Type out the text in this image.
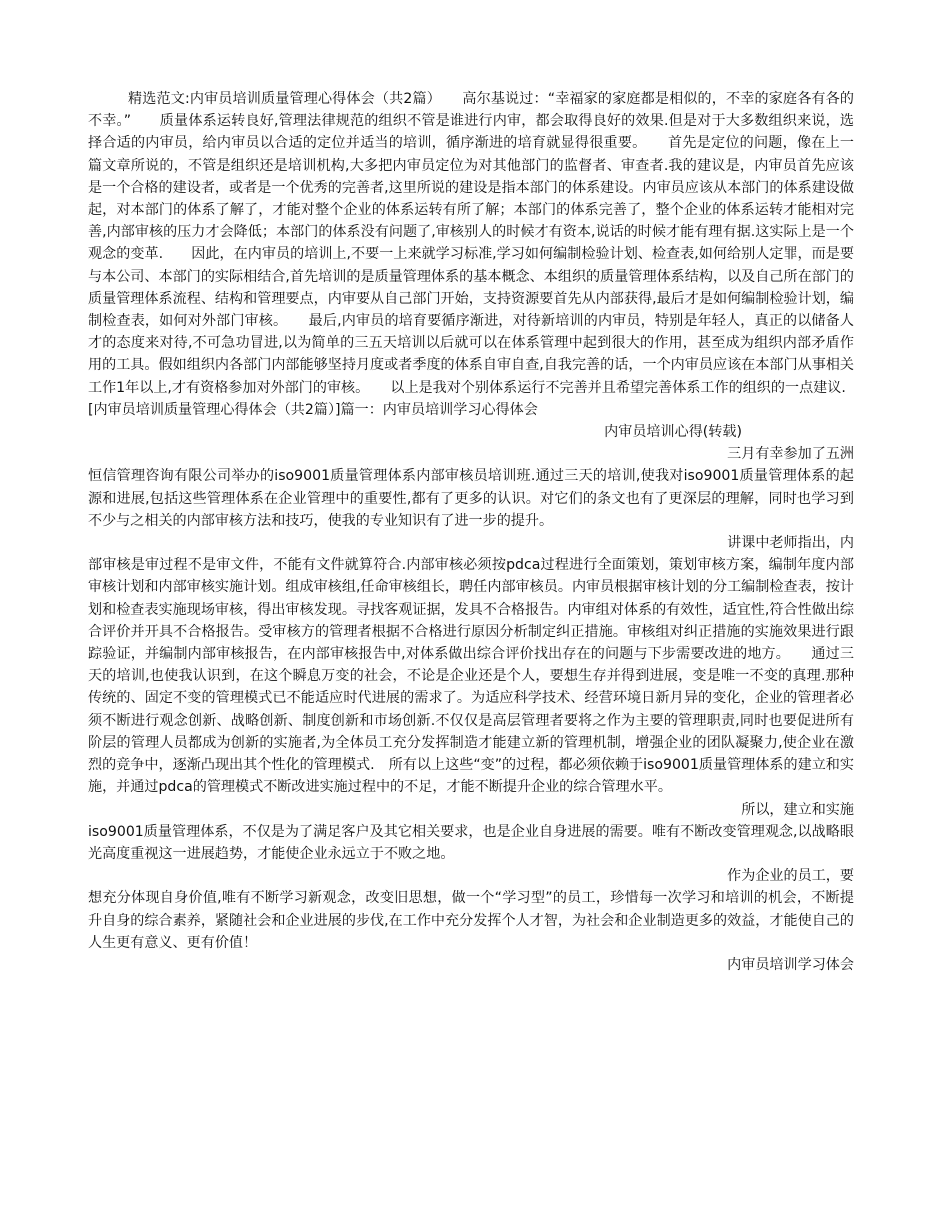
精选范文:内审员培训质量管理心得体会（共2篇）　　高尔基说过：“幸福家的家庭都是相似的，不幸的家庭各有各的不幸。”　　质量体系运转良好,管理法律规范的组织不管是谁进行内审，都会取得良好的效果.但是对于大多数组织来说，选择合适的内审员，给内审员以合适的定位并适当的培训，循序渐进的培育就显得很重要。　　首先是定位的问题，像在上一篇文章所说的，不管是组织还是培训机构,大多把内审员定位为对其他部门的监督者、审查者.我的建议是，内审员首先应该是一个合格的建设者，或者是一个优秀的完善者,这里所说的建设是指本部门的体系建设。内审员应该从本部门的体系建设做起，对本部门的体系了解了，才能对整个企业的体系运转有所了解；本部门的体系完善了，整个企业的体系运转才能相对完善,内部审核的压力才会降低；本部门的体系没有问题了,审核别人的时候才有资本,说话的时候才能有理有据.这实际上是一个观念的变革.　　因此，在内审员的培训上,不要一上来就学习标准,学习如何编制检验计划、检查表,如何给别人定罪，而是要与本公司、本部门的实际相结合,首先培训的是质量管理体系的基本概念、本组织的质量管理体系结构，以及自己所在部门的质量管理体系流程、结构和管理要点，内审要从自己部门开始，支持资源要首先从内部获得,最后才是如何编制检验计划，编制检查表，如何对外部门审核。　　最后,内审员的培育要循序渐进，对待新培训的内审员，特别是年轻人，真正的以储备人才的态度来对待,不可急功冒进,以为简单的三五天培训以后就可以在体系管理中起到很大的作用，甚至成为组织内部矛盾作用的工具。假如组织内各部门内部能够坚持月度或者季度的体系自审自查,自我完善的话，一个内审员应该在本部门从事相关工作1年以上,才有资格参加对外部门的审核。　　以上是我对个别体系运行不完善并且希望完善体系工作的组织的一点建议.

[内审员培训质量管理心得体会（共2篇）]篇一：内审员培训学习心得体会

内审员培训心得(转载)

三月有幸参加了五洲

恒信管理咨询有限公司举办的iso9001质量管理体系内部审核员培训班.通过三天的培训,使我对iso9001质量管理体系的起源和进展,包括这些管理体系在企业管理中的重要性,都有了更多的认识。对它们的条文也有了更深层的理解，同时也学习到不少与之相关的内部审核方法和技巧，使我的专业知识有了进一步的提升。

讲课中老师指出，内

部审核是审过程不是审文件，不能有文件就算符合.内部审核必须按pdca过程进行全面策划，策划审核方案，编制年度内部审核计划和内部审核实施计划。组成审核组,任命审核组长，聘任内部审核员。内审员根据审核计划的分工编制检查表，按计划和检查表实施现场审核，得出审核发现。寻找客观证据，发具不合格报告。内审组对体系的有效性，适宜性,符合性做出综合评价并开具不合格报告。受审核方的管理者根据不合格进行原因分析制定纠正措施。审核组对纠正措施的实施效果进行跟踪验证，并编制内部审核报告，在内部审核报告中,对体系做出综合评价找出存在的问题与下步需要改进的地方。　　通过三天的培训,也使我认识到，在这个瞬息万变的社会，不论是企业还是个人，要想生存并得到进展，变是唯一不变的真理.那种传统的、固定不变的管理模式已不能适应时代进展的需求了。为适应科学技术、经营环境日新月异的变化，企业的管理者必须不断进行观念创新、战略创新、制度创新和市场创新.不仅仅是高层管理者要将之作为主要的管理职责,同时也要促进所有阶层的管理人员都成为创新的实施者,为全体员工充分发挥制造才能建立新的管理机制，增强企业的团队凝聚力,使企业在激烈的竞争中，逐渐凸现出其个性化的管理模式.　所有以上这些“变”的过程，都必须依赖于iso9001质量管理体系的建立和实施，并通过pdca的管理模式不断改进实施过程中的不足，才能不断提升企业的综合管理水平。

所以，建立和实施

iso9001质量管理体系，不仅是为了满足客户及其它相关要求，也是企业自身进展的需要。唯有不断改变管理观念,以战略眼光高度重视这一进展趋势，才能使企业永远立于不败之地。

作为企业的员工，要

想充分体现自身价值,唯有不断学习新观念，改变旧思想，做一个“学习型”的员工，珍惜每一次学习和培训的机会，不断提升自身的综合素养，紧随社会和企业进展的步伐,在工作中充分发挥个人才智，为社会和企业制造更多的效益，才能使自己的人生更有意义、更有价值！

内审员培训学习体会
